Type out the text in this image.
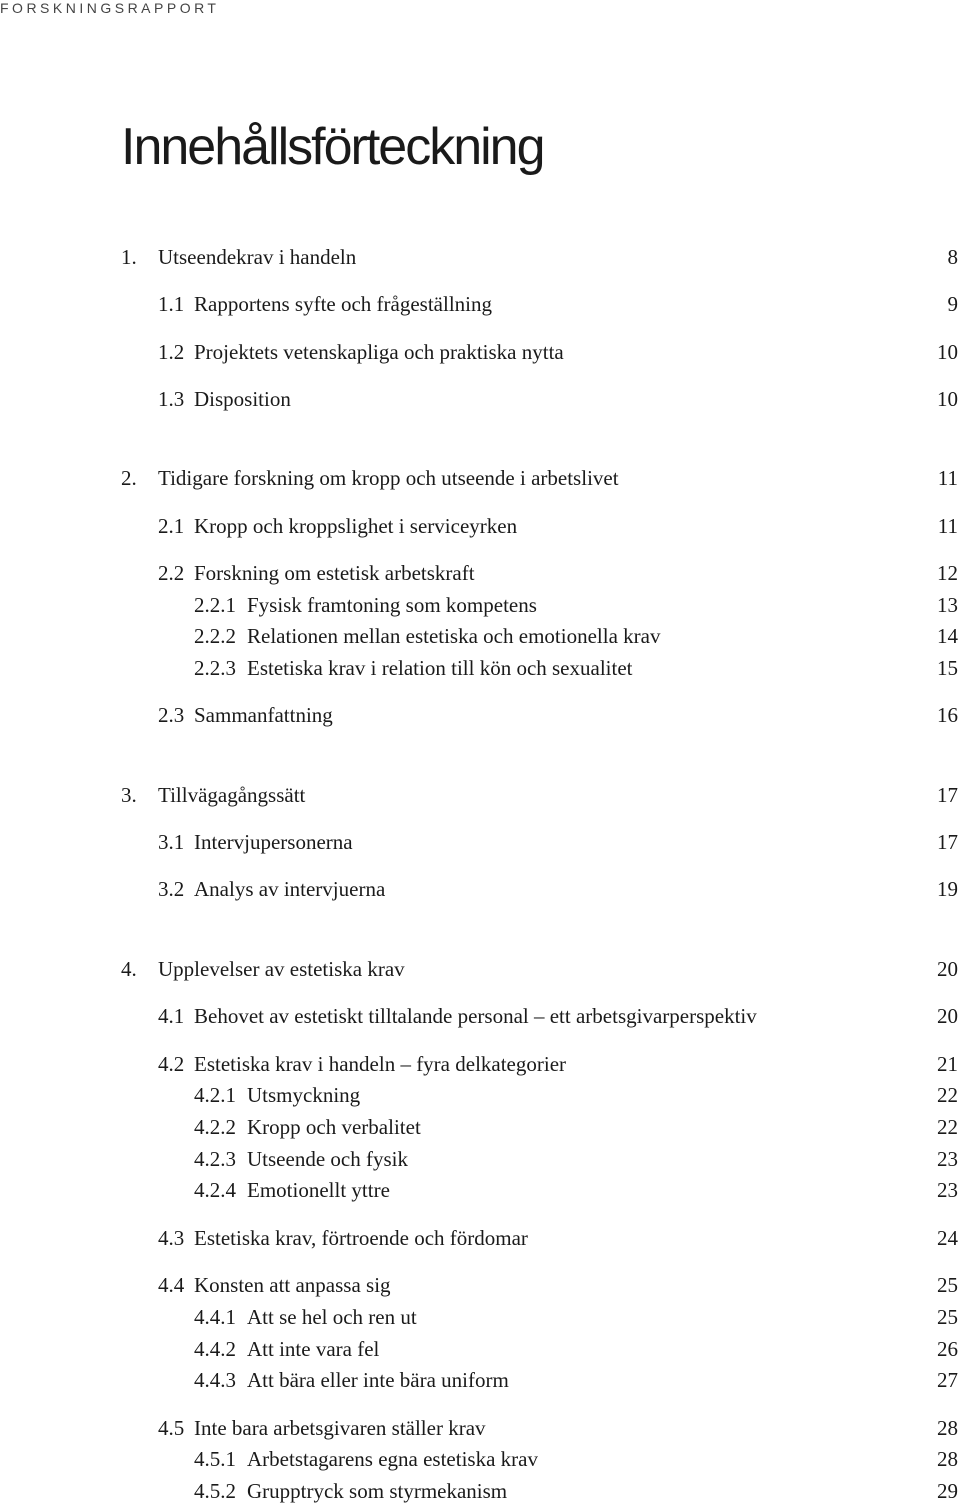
FORSKNINGSRAPPORT
Innehållsförteckning
1. Utseendekrav i handeln	8
1.1 Rapportens syfte och frågeställning	9
1.2 Projektets vetenskapliga och praktiska nytta	10
1.3 Disposition	10
2. Tidigare forskning om kropp och utseende i arbetslivet	11
2.1 Kropp och kroppslighet i serviceyrken	11
2.2 Forskning om estetisk arbetskraft	12
2.2.1 Fysisk framtoning som kompetens	13
2.2.2 Relationen mellan estetiska och emotionella krav	14
2.2.3 Estetiska krav i relation till kön och sexualitet	15
2.3 Sammanfattning	16
3. Tillvägagångssätt	17
3.1 Intervjupersonerna	17
3.2 Analys av intervjuerna	19
4. Upplevelser av estetiska krav	20
4.1 Behovet av estetiskt tilltalande personal – ett arbetsgivarperspektiv	20
4.2 Estetiska krav i handeln – fyra delkategorier	21
4.2.1 Utsmyckning	22
4.2.2 Kropp och verbalitet	22
4.2.3 Utseende och fysik	23
4.2.4 Emotionellt yttre	23
4.3 Estetiska krav, förtroende och fördomar	24
4.4 Konsten att anpassa sig	25
4.4.1 Att se hel och ren ut	25
4.4.2 Att inte vara fel	26
4.4.3 Att bära eller inte bära uniform	27
4.5 Inte bara arbetsgivaren ställer krav	28
4.5.1 Arbetstagarens egna estetiska krav	28
4.5.2 Grupptryck som styrmekanism	29
